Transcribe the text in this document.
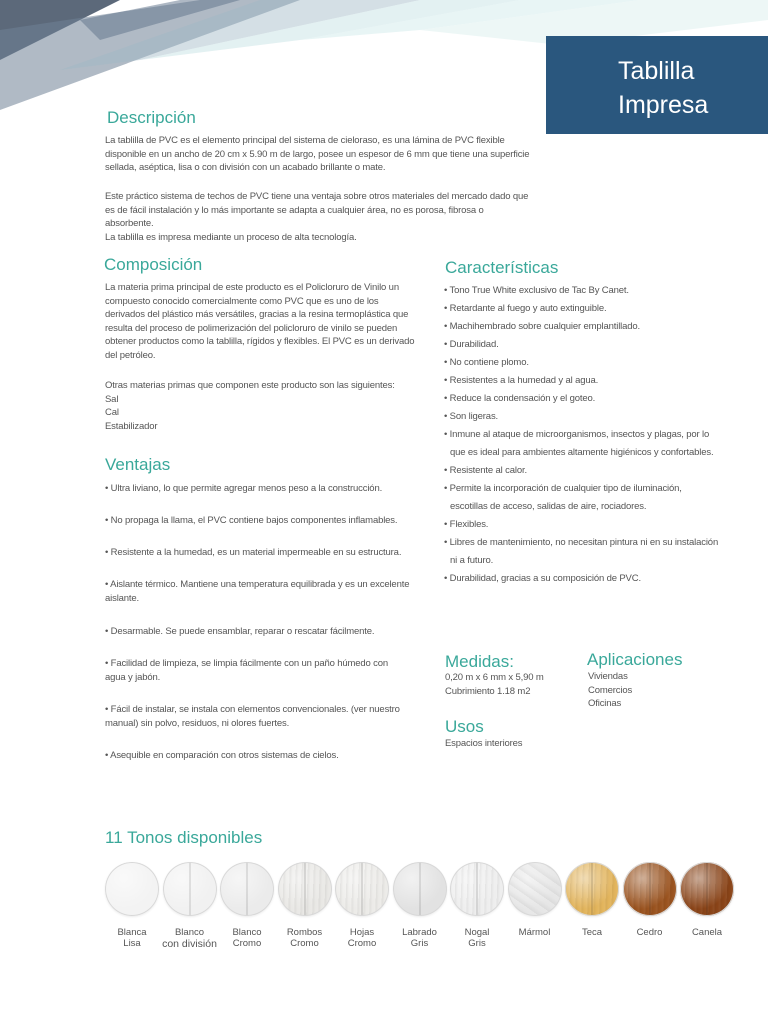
Tablilla
Impresa
Descripción
La tablilla de PVC es el elemento principal del sistema de cieloraso, es una lámina de PVC flexible
disponible en un ancho de 20 cm x 5.90 m de largo, posee un espesor de 6 mm que tiene una superficie
sellada, aséptica, lisa o con división con un acabado brillante o mate.
Este práctico sistema de techos de PVC tiene una ventaja sobre otros materiales del mercado dado que
es de fácil instalación y lo más importante se adapta a cualquier área, no es porosa, fibrosa o
absorbente.
La tablilla es impresa mediante un proceso de alta tecnología.
Composición
La materia prima principal de este producto es el Policloruro de Vinilo un
compuesto conocido comercialmente como PVC que es uno de los
derivados del plástico más versátiles, gracias a la resina termoplástica que
resulta del proceso de polimerización del policloruro de vinilo se pueden
obtener productos como la tablilla, rígidos y flexibles. El PVC es un derivado
del petróleo.
Otras materias primas que componen este producto son las siguientes:
Sal
Cal
Estabilizador
Ventajas
• Ultra liviano, lo que permite agregar menos peso a la construcción.
• No propaga la llama, el PVC contiene bajos componentes inflamables.
• Resistente a la humedad, es un material impermeable en su estructura.
• Aislante térmico. Mantiene una temperatura equilibrada y es un excelente
aislante.
• Desarmable. Se puede ensamblar, reparar o rescatar fácilmente.
• Facilidad de limpieza, se limpia fácilmente con un paño húmedo con
agua y jabón.
• Fácil de instalar, se instala con elementos convencionales. (ver nuestro
manual) sin polvo, residuos, ni olores fuertes.
• Asequible en comparación con otros sistemas de cielos.
Características
• Tono True White exclusivo de Tac By Canet.
• Retardante al fuego y auto extinguible.
• Machihembrado sobre cualquier emplantillado.
• Durabilidad.
• No contiene plomo.
• Resistentes a la humedad y al agua.
• Reduce la condensación y el goteo.
• Son ligeras.
• Inmune al ataque de microorganismos, insectos y plagas, por lo
que es ideal para ambientes altamente higiénicos y confortables.
• Resistente al calor.
• Permite la incorporación de cualquier tipo de iluminación,
escotillas de acceso, salidas de aire, rociadores.
• Flexibles.
• Libres de mantenimiento, no necesitan pintura ni en su instalación
ni a futuro.
• Durabilidad, gracias a su composición de PVC.
Medidas:
0,20 m x 6 mm x 5,90 m
Cubrimiento 1.18 m2
Usos
Espacios interiores
Aplicaciones
Viviendas
Comercios
Oficinas
11 Tonos disponibles
Blanca
Lisa
Blanco
con división
Blanco
Cromo
Rombos
Cromo
Hojas
Cromo
Labrado
Gris
Nogal
Gris
Mármol	Teca	Cedro	Canela
